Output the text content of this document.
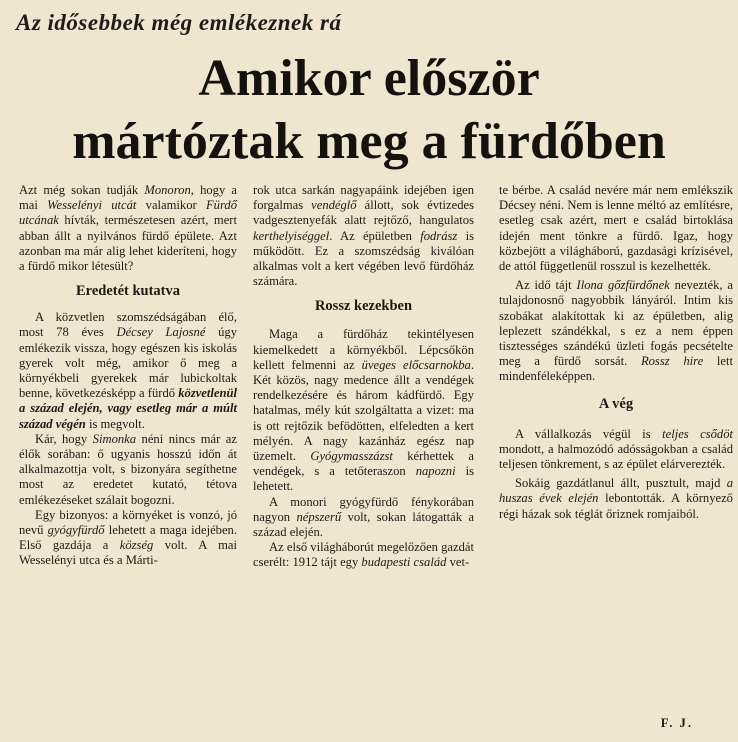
Az idősebbek még emlékeznek rá
Amikor először
mártóztak meg a fürdőben

Azt még sokan tudják Monoron, hogy a mai Wesselényi utcát valamikor Fürdő utcának hívták, természetesen azért, mert abban állt a nyilvános fürdő épülete. Azt azonban ma már alig lehet kideríteni, hogy a fürdő mikor létesült?

Eredetét kutatva

A közvetlen szomszédságában élő, most 78 éves Décsey Lajosné úgy emlékezik vissza, hogy egészen kis iskolás gyerek volt még, amikor ő meg a környékbeli gyerekek már lubickoltak benne, következésképp a fürdő közvetlenül a század elején, vagy esetleg már a múlt század végén is megvolt.

Kár, hogy Simonka néni nincs már az élők sorában: ő ugyanis hosszú időn át alkalmazottja volt, s bizonyára segíthetne most az eredetet kutató, tétova emlékezéseket szálait bogozni.

Egy bizonyos: a környéket is vonzó, jó nevű gyógyfürdő lehetett a maga idejében. Első gazdája a község volt. A mai Wesselényi utca és a Márti-

rok utca sarkán nagyapáink idejében igen forgalmas vendéglő állott, sok évtizedes vadgesztenyefák alatt rejtőző, hangulatos kerthelyiséggel. Az épületben fodrász is működött. Ez a szomszédság kiválóan alkalmas volt a kert végében levő fürdőház számára.

Rossz kezekben

Maga a fürdőház tekintélyesen kiemelkedett a környékből. Lépcsőkön kellett felmenni az üveges előcsarnokba. Két közös, nagy medence állt a vendégek rendelkezésére és három kádfürdő. Egy hatalmas, mély kút szolgáltatta a vizet: ma is ott rejtőzik befödötten, elfeledten a kert mélyén. A nagy kazánház egész nap üzemelt. Gyógymasszázst kérhettek a vendégek, s a tetőteraszon napozni is lehetett.

A monori gyógyfürdő fénykorában nagyon népszerű volt, sokan látogatták a század elején.

Az első világháborút megelőzően gazdát cserélt: 1912 tájt egy budapesti család vet-

te bérbe. A család nevére már nem emlékszik Décsey néni. Nem is lenne méltó az említésre, esetleg csak azért, mert e család birtoklása idején ment tönkre a fürdő. Igaz, hogy közbejött a világháború, gazdasági krízisével, de attól függetlenül rosszul is kezelhették.

Az idő tájt Ilona gőzfürdőnek nevezték, a tulajdonosnő nagyobbik lányáról. Intim kis szobákat alakítottak ki az épületben, alig leplezett szándékkal, s ez a nem éppen tisztességes szándékú üzleti fogás pecsételte meg a fürdő sorsát. Rossz hire lett mindenféleképpen.

A vég

A vállalkozás végül is teljes csődöt mondott, a halmozódó adósságokban a család teljesen tönkrement, s az épület elárverezték.

Sokáig gazdátlanul állt, pusztult, majd a huszas évek elején lebontották. A környező régi házak sok téglát őriznek romjaiból.

F. J.
